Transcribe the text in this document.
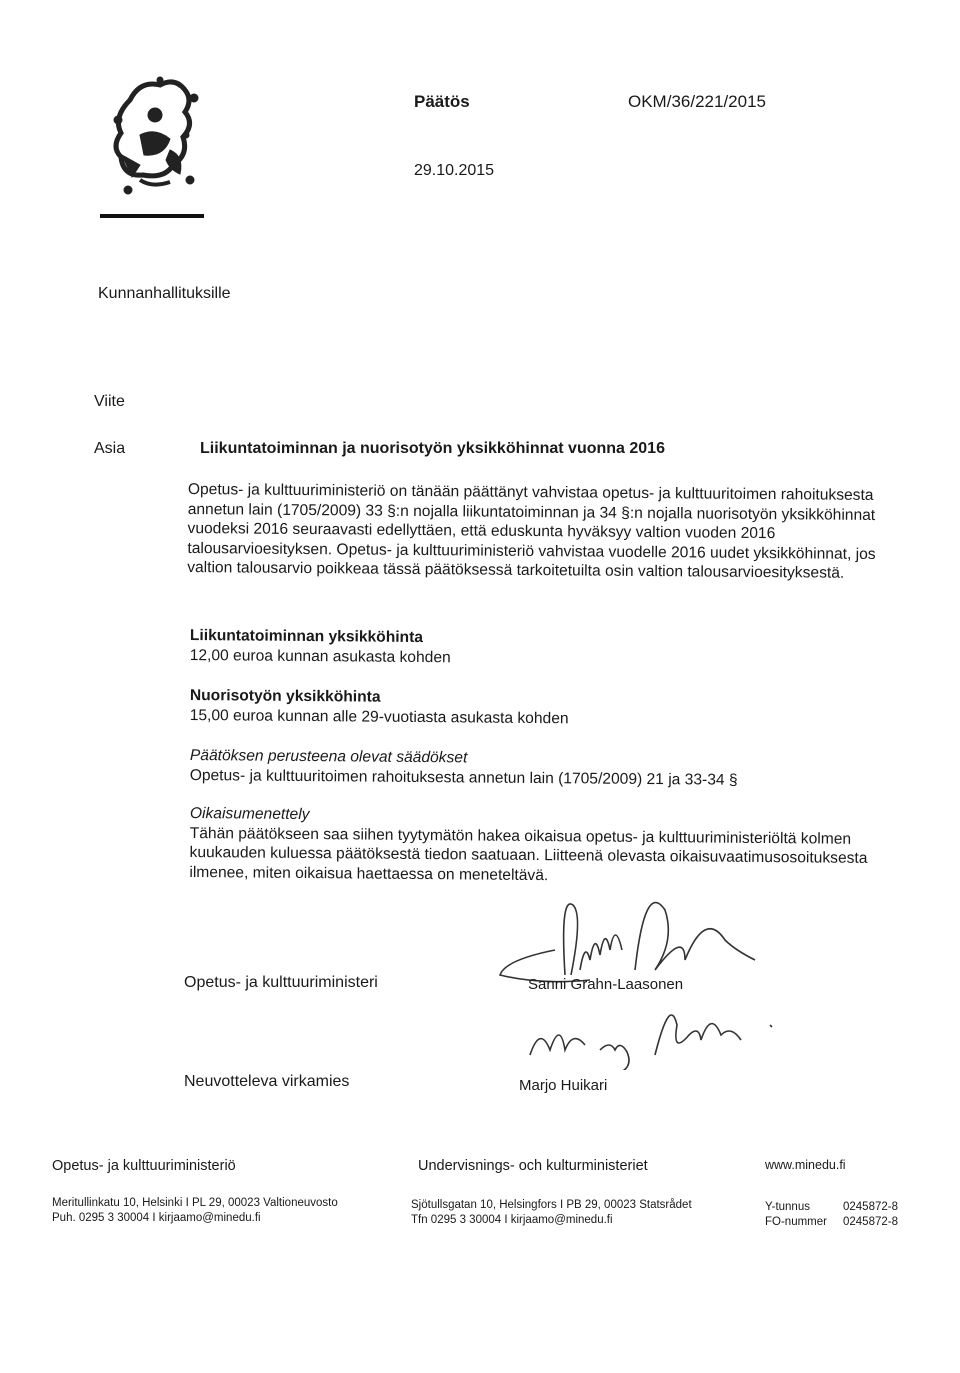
Päätös	OKM/36/221/2015
29.10.2015
Kunnanhallituksille
Viite
Asia	Liikuntatoiminnan ja nuorisotyön yksikköhinnat vuonna 2016

Opetus- ja kulttuuriministeriö on tänään päättänyt vahvistaa opetus- ja kulttuuritoimen rahoituksesta annetun lain (1705/2009) 33 §:n nojalla liikuntatoiminnan ja 34 §:n nojalla nuorisotyön yksikköhinnat vuodeksi 2016 seuraavasti edellyttäen, että eduskunta hyväksyy valtion vuoden 2016 talousarvioesityksen. Opetus- ja kulttuuriministeriö vahvistaa vuodelle 2016 uudet yksikköhinnat, jos valtion talousarvio poikkeaa tässä päätöksessä tarkoitetuilta osin valtion talousarvioesityksestä.

Liikuntatoiminnan yksikköhinta
12,00 euroa kunnan asukasta kohden
Nuorisotyön yksikköhinta
15,00 euroa kunnan alle 29-vuotiasta asukasta kohden
Päätöksen perusteena olevat säädökset
Opetus- ja kulttuuritoimen rahoituksesta annetun lain (1705/2009) 21 ja 33-34 §
Oikaisumenettely
Tähän päätökseen saa siihen tyytymätön hakea oikaisua opetus- ja kulttuuriministeriöltä kolmen kuukauden kuluessa päätöksestä tiedon saatuaan. Liitteenä olevasta oikaisuvaatimusosoituksesta ilmenee, miten oikaisua haettaessa on meneteltävä.
Opetus- ja kulttuuriministeri	Sanni Grahn-Laasonen
Neuvotteleva virkamies	Marjo Huikari
Opetus- ja kulttuuriministeriö	Undervisnings- och kulturministeriet	www.minedu.fi
Meritullinkatu 10, Helsinki I PL 29, 00023 Valtioneuvosto
Puh. 0295 3 30004 I kirjaamo@minedu.fi
Sjötullsgatan 10, Helsingfors I PB 29, 00023 Statsrådet
Tfn 0295 3 30004 I kirjaamo@minedu.fi
Y-tunnus	0245872-8
FO-nummer	0245872-8
